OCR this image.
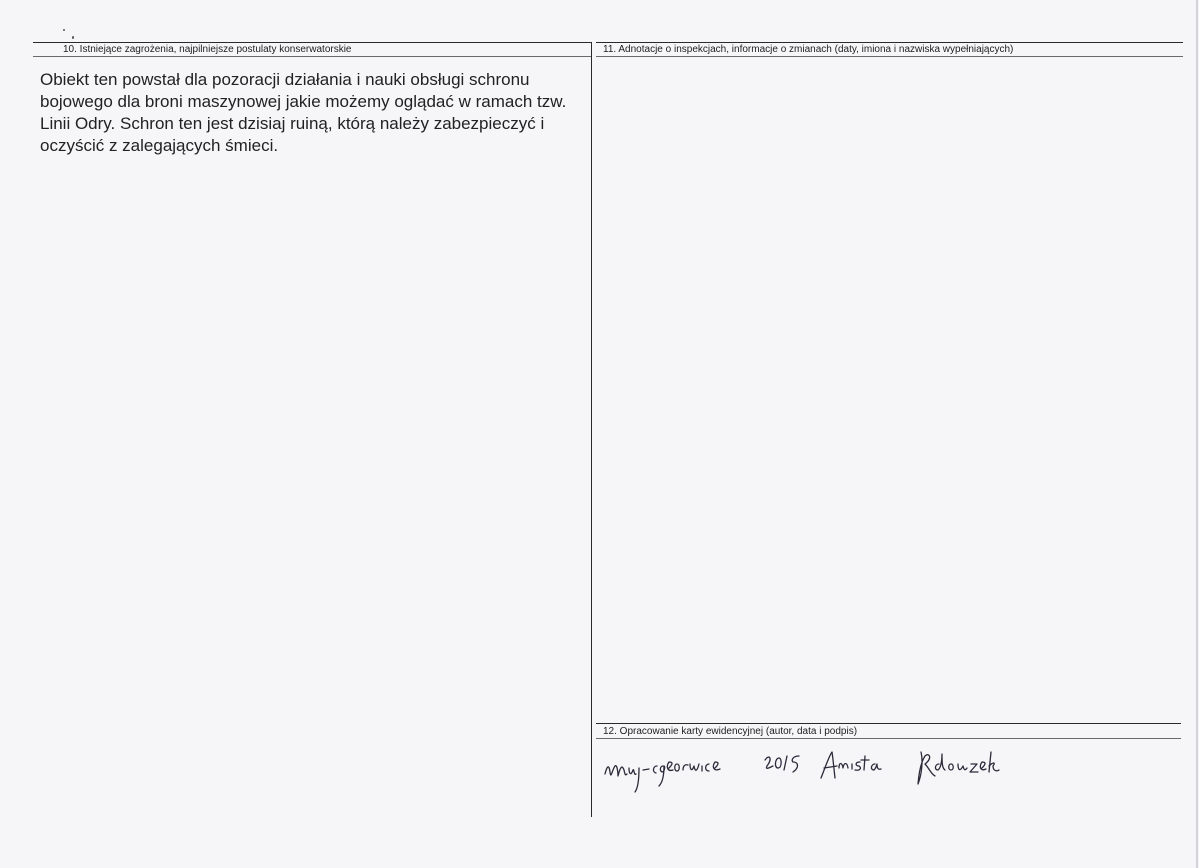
10. Istniejące zagrożenia, najpilniejsze postulaty konserwatorskie
Obiekt ten powstał dla pozoracji działania i nauki obsługi schronu
bojowego dla broni maszynowej jakie możemy oglądać w ramach tzw.
Linii Odry. Schron ten jest dzisiaj ruiną, którą należy zabezpieczyć i
oczyścić z zalegających śmieci.
11. Adnotacje o inspekcjach, informacje o zmianach (daty, imiona i nazwiska wypełniających)
12. Opracowanie karty ewidencyjnej (autor, data i podpis)
